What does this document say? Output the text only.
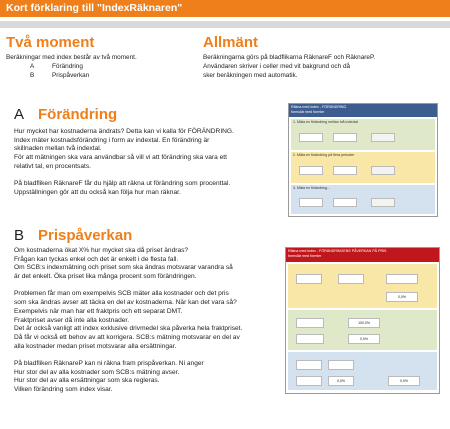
Kort förklaring till "IndexRäknaren"
Två moment
Beräkningar med index består av två moment.
A	Förändring
B	Prispåverkan
Allmänt
Beräkningarna görs på bladflikarna RäknareF och RäknareP.
Användaren skriver i celler med vit bakgrund och då
sker beräkningen med automatik.
A Förändring
Hur mycket har kostnaderna ändrats? Detta kan vi kalla för FÖRÄNDRING.
Index mäter kostnadsförändring i form av indextal. En förändring är
skillnaden mellan två indextal.
För att mätningen ska vara användbar så vill vi att förändring ska vara ett
relativt tal, en procentsats.
På bladfliken RäknareF får du hjälp att räkna ut förändring som procenttal.
Uppställningen gör att du också kan följa hur man räknar.
Räkna med index - FÖRÄNDRING
formulär med formler
1. Mäta en förändring mellan två indextal
2. Mäta en förändring på flera perioder
3. Mäta en förändring...
B Prispåverkan
Om kostnaderna ökat X% hur mycket ska då priset ändras?
Frågan kan tyckas enkel och det är enkelt i de flesta fall.
Om SCB:s indexmätning och priset som ska ändras motsvarar varandra så
är det enkelt. Öka priset lika många procent som förändringen.
Problemen får man om exempelvis SCB mäter alla kostnader och det pris
som ska ändras avser att täcka en del av kostnaderna. När kan det vara så?
Exempelvis när man har ett fraktpris och ett separat DMT.
Fraktpriset avser då inte alla kostnader.
Det är också vanligt att index exklusive drivmedel ska påverka hela fraktpriset.
Då får vi också ett behov av att korrigera. SCB:s mätning motsvarar en del av
alla kostnader medan priset motsvarar alla ersättningar.
På bladfliken RäknareP kan ni räkna fram prispåverkan. Ni anger
Hur stor del av alla kostnader som SCB:s mätning avser.
Hur stor del av alla ersättningar som ska regleras.
Vilken förändring som index visar.
Räkna med index - FÖRÄNDRINGENS PÅVERKAN PÅ PRIS
formulär med formler
0,0%
100,0%
0,0%
0,0%	0,0%
